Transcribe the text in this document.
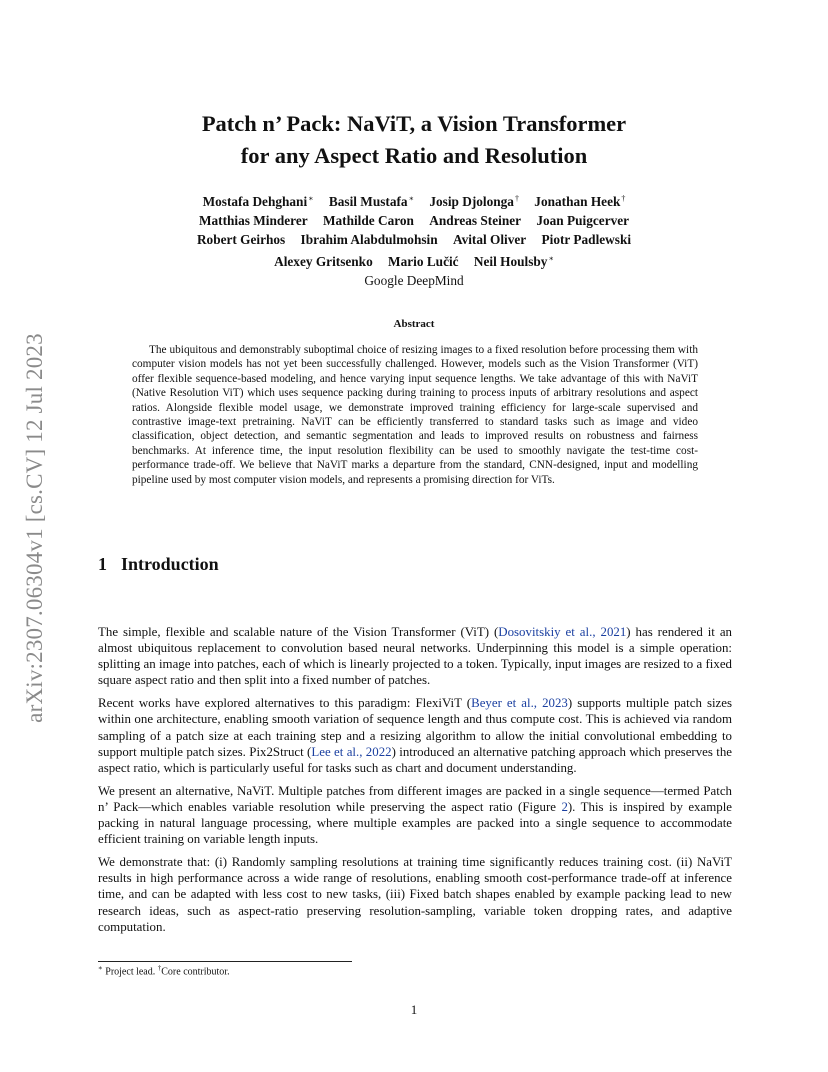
arXiv:2307.06304v1 [cs.CV] 12 Jul 2023
Patch n’ Pack: NaViT, a Vision Transformer
for any Aspect Ratio and Resolution
Mostafa Dehghani∗ Basil Mustafa∗ Josip Djolonga† Jonathan Heek†
Matthias Minderer Mathilde Caron Andreas Steiner Joan Puigcerver
Robert Geirhos Ibrahim Alabdulmohsin Avital Oliver Piotr Padlewski
Alexey Gritsenko Mario Lučić Neil Houlsby∗
Google DeepMind
Abstract

The ubiquitous and demonstrably suboptimal choice of resizing images to a fixed resolution before processing them with computer vision models has not yet been successfully challenged. However, models such as the Vision Transformer (ViT) offer flexible sequence-based modeling, and hence varying input sequence lengths. We take advantage of this with NaViT (Native Resolution ViT) which uses sequence packing during training to process inputs of arbitrary resolutions and aspect ratios. Alongside flexible model usage, we demonstrate improved training efficiency for large-scale supervised and contrastive image-text pretraining. NaViT can be efficiently transferred to standard tasks such as image and video classification, object detection, and semantic segmentation and leads to improved results on robustness and fairness benchmarks. At inference time, the input resolution flexibility can be used to smoothly navigate the test-time cost-performance trade-off. We believe that NaViT marks a departure from the standard, CNN-designed, input and modelling pipeline used by most computer vision models, and represents a promising direction for ViTs.

1 Introduction

The simple, flexible and scalable nature of the Vision Transformer (ViT) (Dosovitskiy et al., 2021) has rendered it an almost ubiquitous replacement to convolution based neural networks. Underpinning this model is a simple operation: splitting an image into patches, each of which is linearly projected to a token. Typically, input images are resized to a fixed square aspect ratio and then split into a fixed number of patches.

Recent works have explored alternatives to this paradigm: FlexiViT (Beyer et al., 2023) supports multiple patch sizes within one architecture, enabling smooth variation of sequence length and thus compute cost. This is achieved via random sampling of a patch size at each training step and a resizing algorithm to allow the initial convolutional embedding to support multiple patch sizes. Pix2Struct (Lee et al., 2022) introduced an alternative patching approach which preserves the aspect ratio, which is particularly useful for tasks such as chart and document understanding.

We present an alternative, NaViT. Multiple patches from different images are packed in a single sequence—termed Patch n’ Pack—which enables variable resolution while preserving the aspect ratio (Figure 2). This is inspired by example packing in natural language processing, where multiple examples are packed into a single sequence to accommodate efficient training on variable length inputs.

We demonstrate that: (i) Randomly sampling resolutions at training time significantly reduces training cost. (ii) NaViT results in high performance across a wide range of resolutions, enabling smooth cost-performance trade-off at inference time, and can be adapted with less cost to new tasks, (iii) Fixed batch shapes enabled by example packing lead to new research ideas, such as aspect-ratio preserving resolution-sampling, variable token dropping rates, and adaptive computation.

∗ Project lead. †Core contributor.
1
